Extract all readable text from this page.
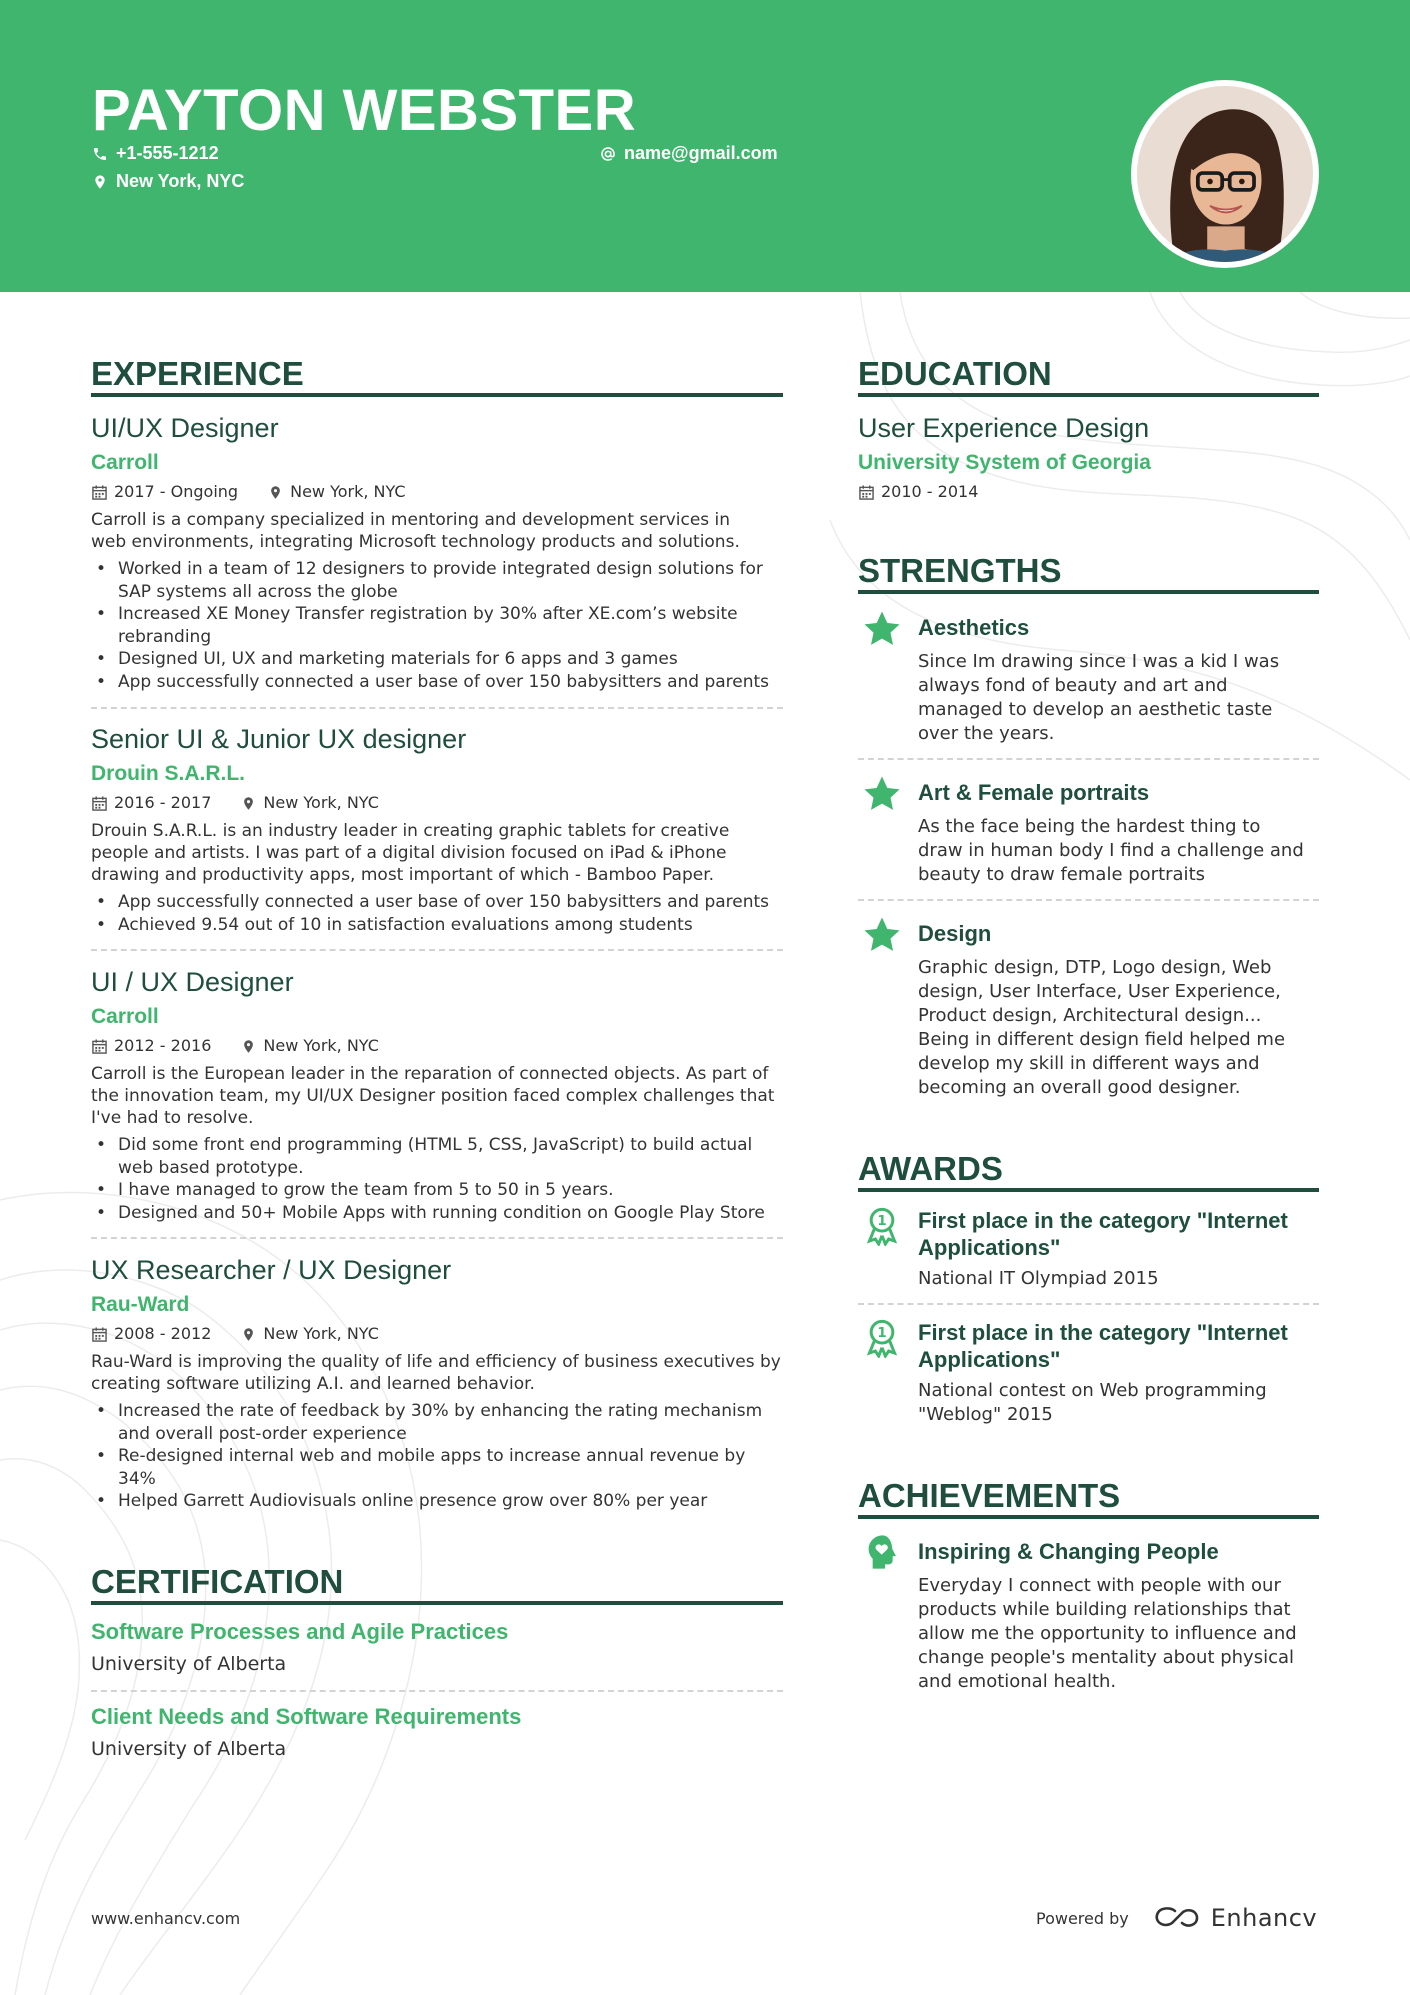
PAYTON WEBSTER
+1-555-1212	name@gmail.com
New York, NYC
EXPERIENCE
UI/UX Designer
Carroll
2017 - Ongoing	New York, NYC
Carroll is a company specialized in mentoring and development services in
web environments, integrating Microsoft technology products and solutions.
• Worked in a team of 12 designers to provide integrated design solutions for
SAP systems all across the globe
• Increased XE Money Transfer registration by 30% after XE.com’s website
rebranding
• Designed UI, UX and marketing materials for 6 apps and 3 games
• App successfully connected a user base of over 150 babysitters and parents
Senior UI & Junior UX designer
Drouin S.A.R.L.
2016 - 2017	New York, NYC
Drouin S.A.R.L. is an industry leader in creating graphic tablets for creative
people and artists. I was part of a digital division focused on iPad & iPhone
drawing and productivity apps, most important of which - Bamboo Paper.
• App successfully connected a user base of over 150 babysitters and parents
• Achieved 9.54 out of 10 in satisfaction evaluations among students
UI / UX Designer
Carroll
2012 - 2016	New York, NYC
Carroll is the European leader in the reparation of connected objects. As part of
the innovation team, my UI/UX Designer position faced complex challenges that
I've had to resolve.
• Did some front end programming (HTML 5, CSS, JavaScript) to build actual
web based prototype.
• I have managed to grow the team from 5 to 50 in 5 years.
• Designed and 50+ Mobile Apps with running condition on Google Play Store
UX Researcher / UX Designer
Rau-Ward
2008 - 2012	New York, NYC
Rau-Ward is improving the quality of life and efficiency of business executives by
creating software utilizing A.I. and learned behavior.
• Increased the rate of feedback by 30% by enhancing the rating mechanism
and overall post-order experience
• Re-designed internal web and mobile apps to increase annual revenue by
34%
• Helped Garrett Audiovisuals online presence grow over 80% per year
CERTIFICATION
Software Processes and Agile Practices
University of Alberta
Client Needs and Software Requirements
University of Alberta
EDUCATION
User Experience Design
University System of Georgia
2010 - 2014
STRENGTHS
Aesthetics
Since Im drawing since I was a kid I was
always fond of beauty and art and
managed to develop an aesthetic taste
over the years.
Art & Female portraits
As the face being the hardest thing to
draw in human body I find a challenge and
beauty to draw female portraits
Design
Graphic design, DTP, Logo design, Web
design, User Interface, User Experience,
Product design, Architectural design...
Being in different design field helped me
develop my skill in different ways and
becoming an overall good designer.
AWARDS
1 First place in the category "Internet
Applications"
National IT Olympiad 2015
1 First place in the category "Internet
Applications"
National contest on Web programming
"Weblog" 2015
ACHIEVEMENTS
Inspiring & Changing People
Everyday I connect with people with our
products while building relationships that
allow me the opportunity to influence and
change people's mentality about physical
and emotional health.
www.enhancv.com	Powered by	Enhancv
